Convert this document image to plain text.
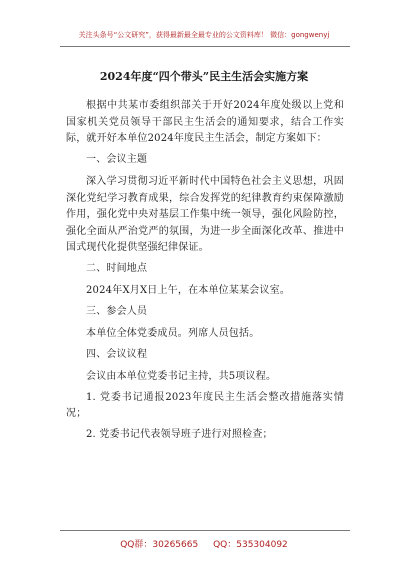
关注头条号“公文研究”，获得最新最全最专业的公文资料库！ 微信：gongwenyj
2024年度“四个带头”民主生活会实施方案

根据中共某市委组织部关于开好2024年度处级以上党和国家机关党员领导干部民主生活会的通知要求，结合工作实际，就开好本单位2024年度民主生活会，制定方案如下：

一、会议主题

深入学习贯彻习近平新时代中国特色社会主义思想，巩固深化党纪学习教育成果，综合发挥党的纪律教育约束保障激励作用，强化党中央对基层工作集中统一领导，强化风险防控，强化全面从严治党严的氛围，为进一步全面深化改革、推进中国式现代化提供坚强纪律保证。

二、时间地点

2024年X月X日上午，在本单位某某会议室。

三、参会人员

本单位全体党委成员。列席人员包括。

四、会议议程

会议由本单位党委书记主持，共5项议程。

1. 党委书记通报2023年度民主生活会整改措施落实情况；

2. 党委书记代表领导班子进行对照检查；

QQ群：30265665 QQ：535304092
